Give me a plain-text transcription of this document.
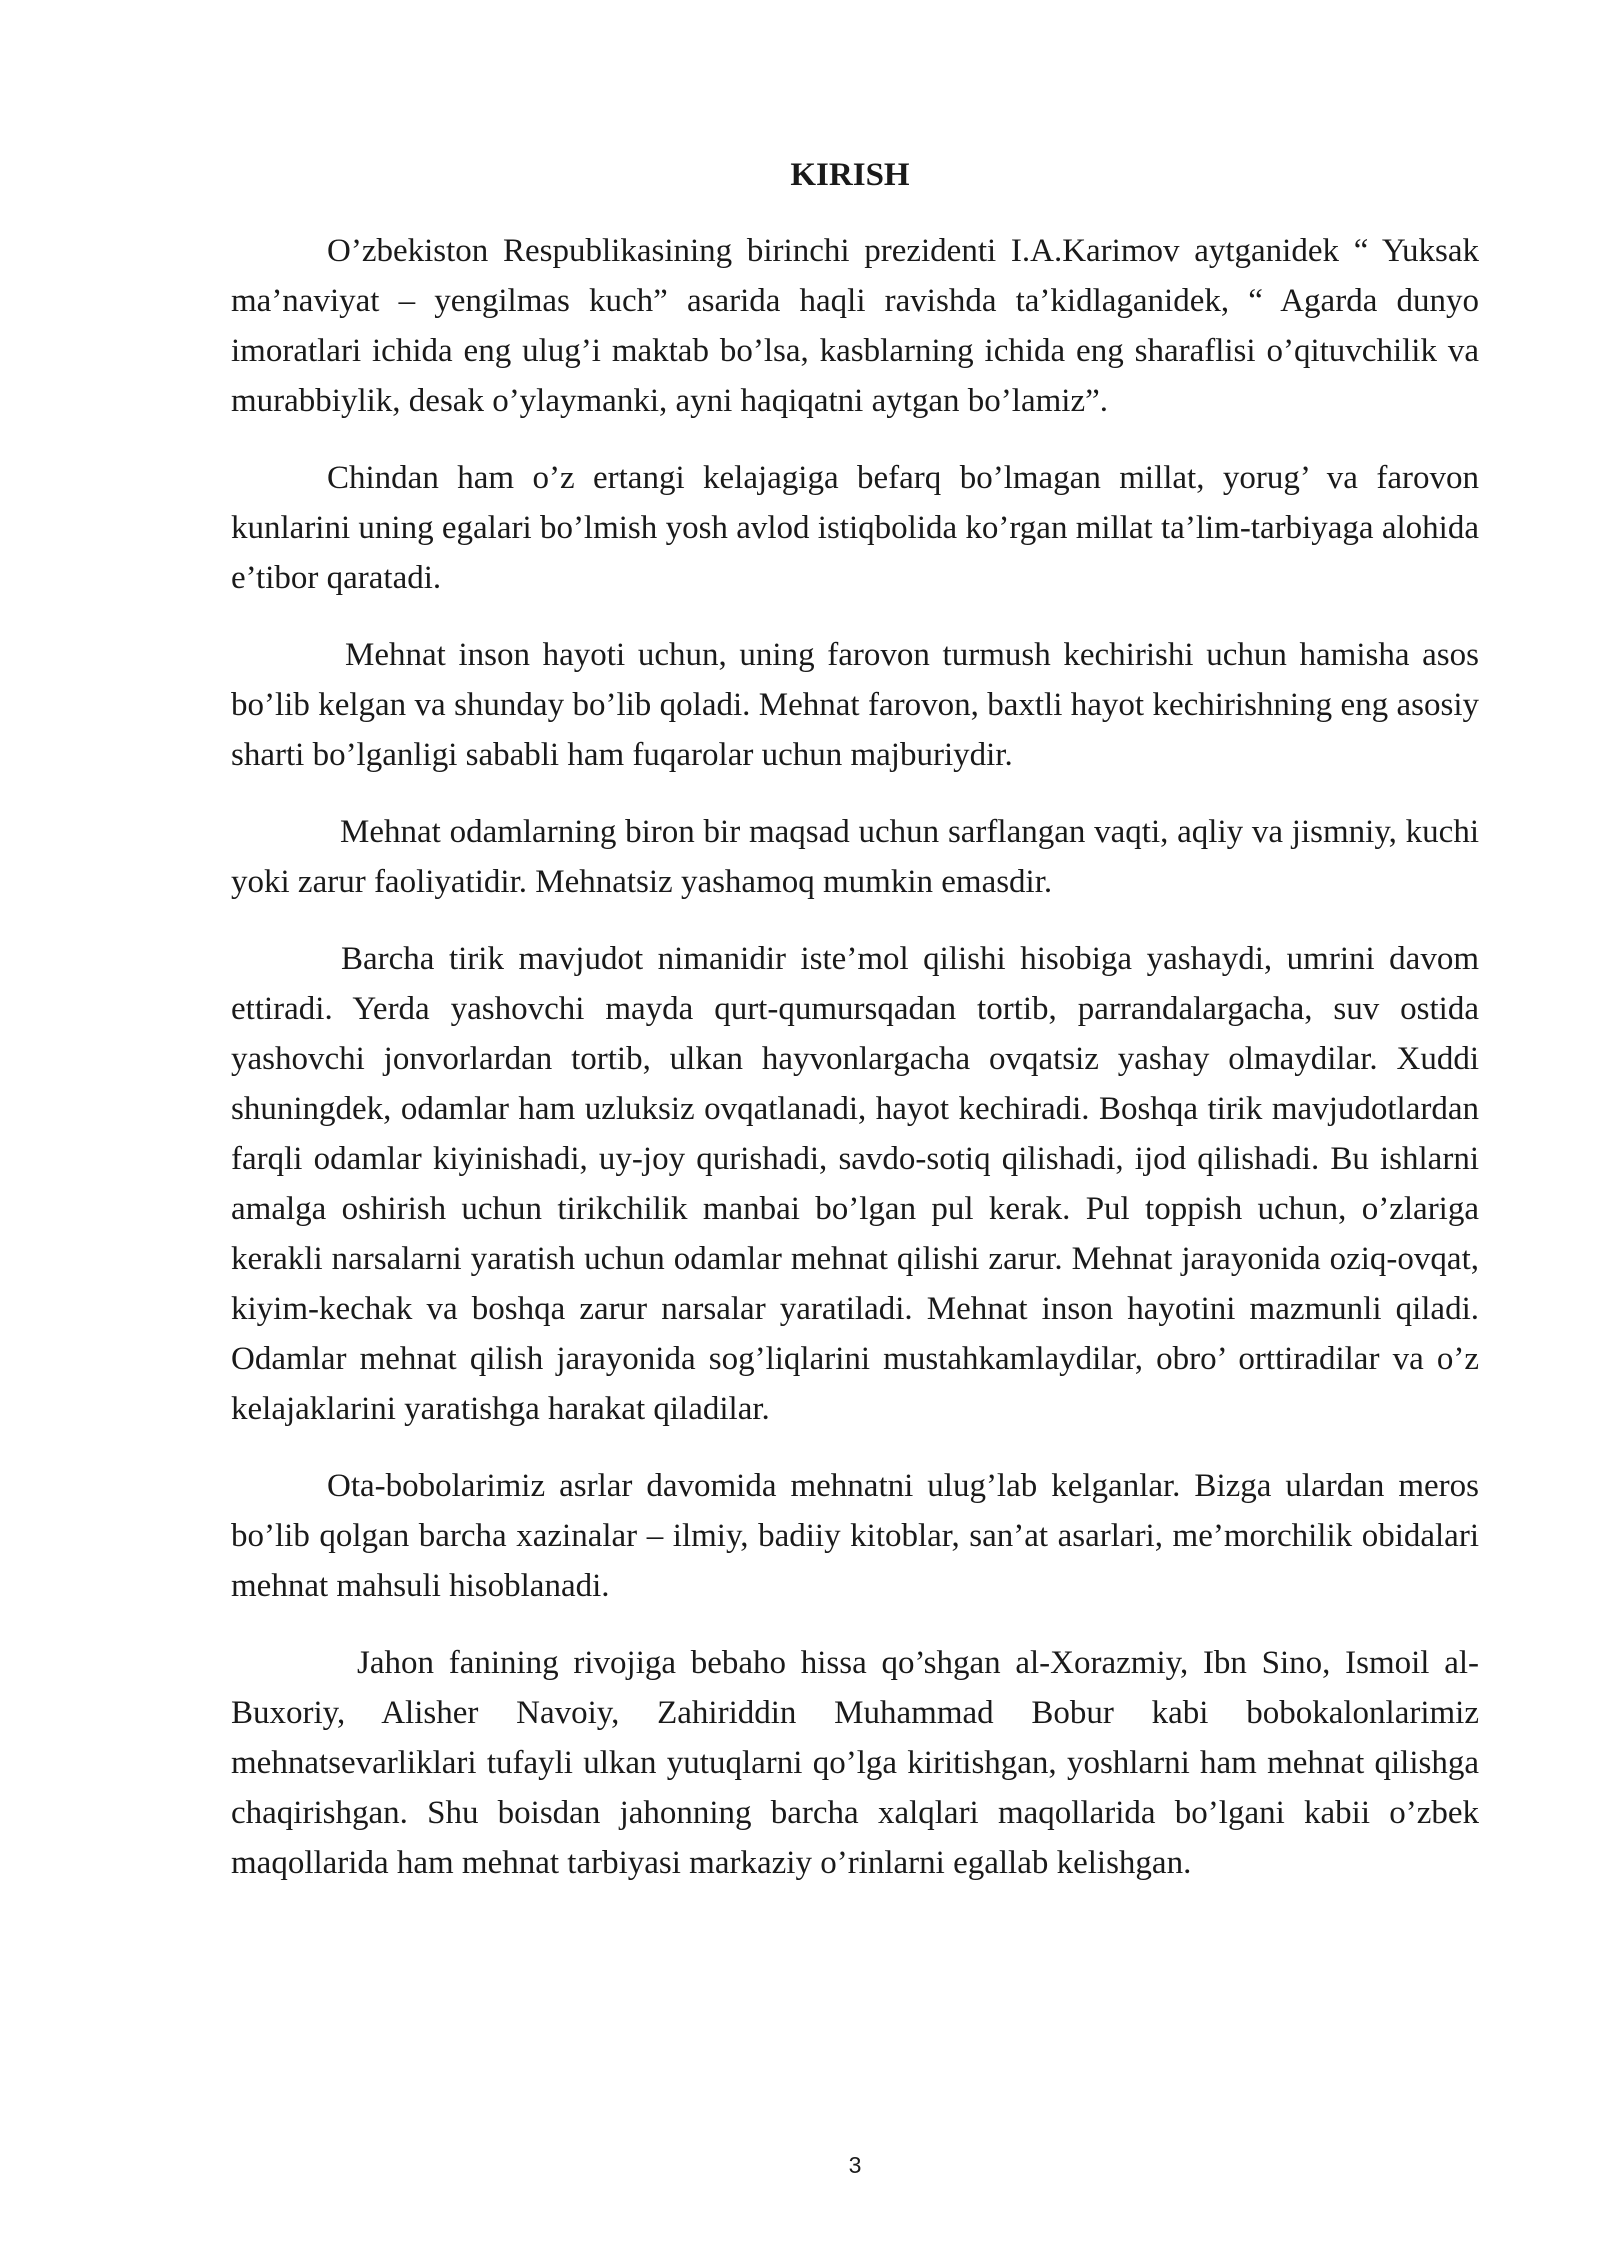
KIRISH

O’zbekiston Respublikasining birinchi prezidenti I.A.Karimov aytganidek “ Yuksak ma’naviyat – yengilmas kuch” asarida haqli ravishda ta’kidlaganidek, “ Agarda dunyo imoratlari ichida eng ulug’i maktab bo’lsa, kasblarning ichida eng sharaflisi o’qituvchilik va murabbiylik, desak o’ylaymanki, ayni haqiqatni aytgan bo’lamiz”.

Chindan ham o’z ertangi kelajagiga befarq bo’lmagan millat, yorug’ va farovon kunlarini uning egalari bo’lmish yosh avlod istiqbolida ko’rgan millat ta’lim-tarbiyaga alohida e’tibor qaratadi.

Mehnat inson hayoti uchun, uning farovon turmush kechirishi uchun hamisha asos bo’lib kelgan va shunday bo’lib qoladi. Mehnat farovon, baxtli hayot kechirishning eng asosiy sharti bo’lganligi sababli ham fuqarolar uchun majburiydir.

Mehnat odamlarning biron bir maqsad uchun sarflangan vaqti, aqliy va jismniy, kuchi yoki zarur faoliyatidir. Mehnatsiz yashamoq mumkin emasdir.

Barcha tirik mavjudot nimanidir iste’mol qilishi hisobiga yashaydi, umrini davom ettiradi. Yerda yashovchi mayda qurt-qumursqadan tortib, parrandalargacha, suv ostida yashovchi jonvorlardan tortib, ulkan hayvonlargacha ovqatsiz yashay olmaydilar. Xuddi shuningdek, odamlar ham uzluksiz ovqatlanadi, hayot kechiradi. Boshqa tirik mavjudotlardan farqli odamlar kiyinishadi, uy-joy qurishadi, savdo-sotiq qilishadi, ijod qilishadi. Bu ishlarni amalga oshirish uchun tirikchilik manbai bo’lgan pul kerak. Pul toppish uchun, o’zlariga kerakli narsalarni yaratish uchun odamlar mehnat qilishi zarur. Mehnat jarayonida oziq-ovqat, kiyim-kechak va boshqa zarur narsalar yaratiladi. Mehnat inson hayotini mazmunli qiladi. Odamlar mehnat qilish jarayonida sog’liqlarini mustahkamlaydilar, obro’ orttiradilar va o’z kelajaklarini yaratishga harakat qiladilar.

Ota-bobolarimiz asrlar davomida mehnatni ulug’lab kelganlar. Bizga ulardan meros bo’lib qolgan barcha xazinalar – ilmiy, badiiy kitoblar, san’at asarlari, me’morchilik obidalari mehnat mahsuli hisoblanadi.

Jahon fanining rivojiga bebaho hissa qo’shgan al-Xorazmiy, Ibn Sino, Ismoil al-Buxoriy, Alisher Navoiy, Zahiriddin Muhammad Bobur kabi bobokalonlarimiz mehnatsevarliklari tufayli ulkan yutuqlarni qo’lga kiritishgan, yoshlarni ham mehnat qilishga chaqirishgan. Shu boisdan jahonning barcha xalqlari maqollarida bo’lgani kabii o’zbek maqollarida ham mehnat tarbiyasi markaziy o’rinlarni egallab kelishgan.

3
